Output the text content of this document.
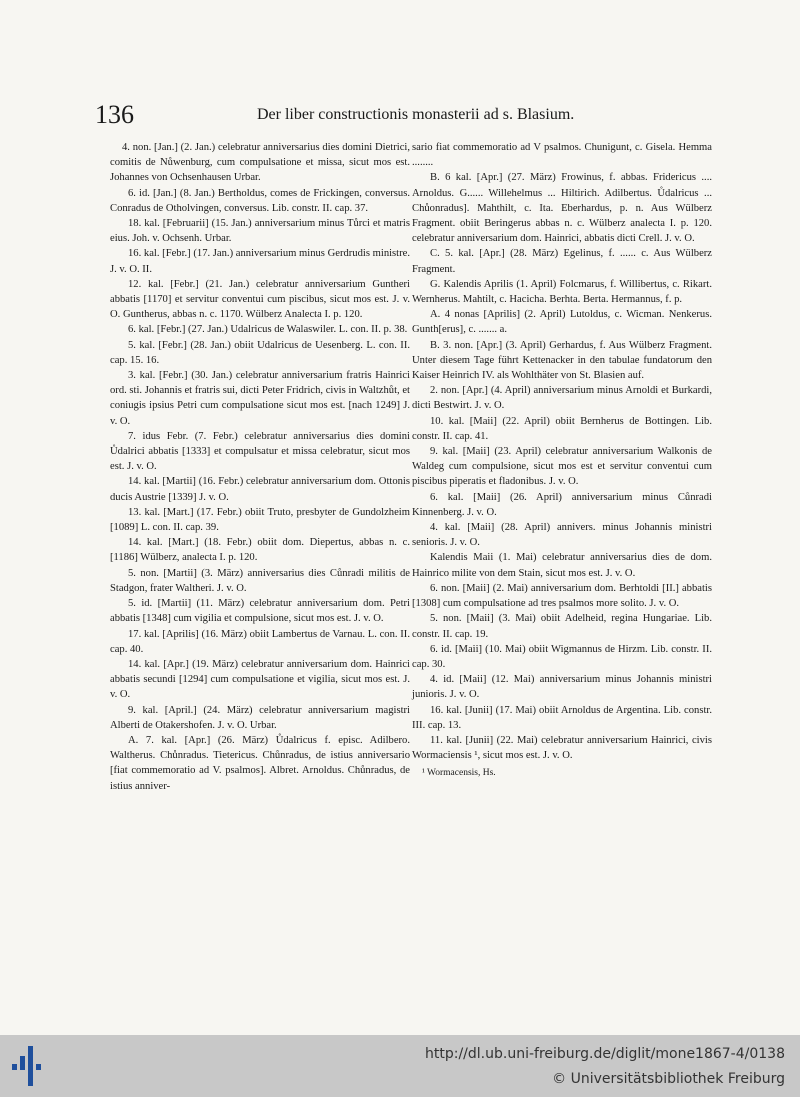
136	Der liber constructionis monasterii ad s. Blasium.

4. non. [Jan.] (2. Jan.) celebratur anniversarius dies domini Dietrici, comitis de Nůwenburg, cum compulsatione et missa, sicut mos est. Johannes von Ochsenhausen Urbar.

6. id. [Jan.] (8. Jan.) Bertholdus, comes de Frickingen, conversus. Conradus de Otholvingen, conversus. Lib. constr. II. cap. 37.

18. kal. [Februarii] (15. Jan.) anniversarium minus Tůrci et matris eius. Joh. v. Ochsenh. Urbar.

16. kal. [Febr.] (17. Jan.) anniversarium minus Gerdrudis ministre. J. v. O. II.

12. kal. [Febr.] (21. Jan.) celebratur anniversarium Guntheri abbatis [1170] et servitur conventui cum piscibus, sicut mos est. J. v. O. Guntherus, abbas n. c. 1170. Wülberz Analecta I. p. 120.

6. kal. [Febr.] (27. Jan.) Udalricus de Walaswiler. L. con. II. p. 38.

5. kal. [Febr.] (28. Jan.) obiit Udalricus de Uesenberg. L. con. II. cap. 15. 16.

3. kal. [Febr.] (30. Jan.) celebratur anniversarium fratris Hainrici ord. sti. Johannis et fratris sui, dicti Peter Fridrich, civis in Waltzhůt, et coniugis ipsius Petri cum compulsatione sicut mos est. [nach 1249] J. v. O.

7. idus Febr. (7. Febr.) celebratur anniversarius dies domini Ůdalrici abbatis [1333] et compulsatur et missa celebratur, sicut mos est. J. v. O.

14. kal. [Martii] (16. Febr.) celebratur anniversarium dom. Ottonis ducis Austrie [1339] J. v. O.

13. kal. [Mart.] (17. Febr.) obiit Truto, presbyter de Gundolzheim [1089] L. con. II. cap. 39.

14. kal. [Mart.] (18. Febr.) obiit dom. Diepertus, abbas n. c. [1186] Wülberz, analecta I. p. 120.

5. non. [Martii] (3. März) anniversarius dies Cůnradi militis de Stadgon, frater Waltheri. J. v. O.

5. id. [Martii] (11. März) celebratur anniversarium dom. Petri abbatis [1348] cum vigilia et compulsione, sicut mos est. J. v. O.

17. kal. [Aprilis] (16. März) obiit Lambertus de Varnau. L. con. II. cap. 40.

14. kal. [Apr.] (19. März) celebratur anniversarium dom. Hainrici abbatis secundi [1294] cum compulsatione et vigilia, sicut mos est. J. v. O.

9. kal. [April.] (24. März) celebratur anniversarium magistri Alberti de Otakershofen. J. v. O. Urbar.

A. 7. kal. [Apr.] (26. März) Ůdalricus f. episc. Adilbero. Waltherus. Chůnradus. Tietericus. Chůnradus, de istius anniversario [fiat commemoratio ad V. psalmos]. Albret. Arnoldus. Chůnradus, de istius anniver-

sario fiat commemoratio ad V psalmos. Chunigunt, c. Gisela. Hemma ........

B. 6 kal. [Apr.] (27. März) Frowinus, f. abbas. Fridericus .... Arnoldus. G...... Willehelmus ... Hiltirich. Adilbertus. Ůdalricus ... Chůonradus]. Mahthilt, c. Ita. Eberhardus, p. n. Aus Wülberz Fragment. obiit Beringerus abbas n. c. Wülberz analecta I. p. 120. celebratur anniversarium dom. Hainrici, abbatis dicti Crell. J. v. O.

C. 5. kal. [Apr.] (28. März) Egelinus, f. ...... c. Aus Wülberz Fragment.

G. Kalendis Aprilis (1. April) Folcmarus, f. Willibertus, c. Rikart. Wernherus. Mahtilt, c. Hacicha. Berhta. Berta. Hermannus, f. p.

A. 4 nonas [Aprilis] (2. April) Lutoldus, c. Wicman. Nenkerus. Gunth[erus], c. ....... a.

B. 3. non. [Apr.] (3. April) Gerhardus, f. Aus Wülberz Fragment. Unter diesem Tage führt Kettenacker in den tabulae fundatorum den Kaiser Heinrich IV. als Wohlthäter von St. Blasien auf.

2. non. [Apr.] (4. April) anniversarium minus Arnoldi et Burkardi, dicti Bestwirt. J. v. O.

10. kal. [Maii] (22. April) obiit Bernherus de Bottingen. Lib. constr. II. cap. 41.

9. kal. [Maii] (23. April) celebratur anniversarium Walkonis de Waldeg cum compulsione, sicut mos est et servitur conventui cum piscibus piperatis et fladonibus. J. v. O.

6. kal. [Maii] (26. April) anniversarium minus Cůnradi Kinnenberg. J. v. O.

4. kal. [Maii] (28. April) annivers. minus Johannis ministri senioris. J. v. O.

Kalendis Maii (1. Mai) celebratur anniversarius dies de dom. Hainrico milite von dem Stain, sicut mos est. J. v. O.

6. non. [Maii] (2. Mai) anniversarium dom. Berhtoldi [II.] abbatis [1308] cum compulsatione ad tres psalmos more solito. J. v. O.

5. non. [Maii] (3. Mai) obiit Adelheid, regina Hungariae. Lib. constr. II. cap. 19.

6. id. [Maii] (10. Mai) obiit Wigmannus de Hirzm. Lib. constr. II. cap. 30.

4. id. [Maii] (12. Mai) anniversarium minus Johannis ministri junioris. J. v. O.

16. kal. [Junii] (17. Mai) obiit Arnoldus de Argentina. Lib. constr. III. cap. 13.

11. kal. [Junii] (22. Mai) celebratur anniversarium Hainrici, civis Wormaciensis ¹, sicut mos est. J. v. O.

¹ Wormacensis, Hs.

http://dl.ub.uni-freiburg.de/diglit/mone1867-4/0138
© Universitätsbibliothek Freiburg
